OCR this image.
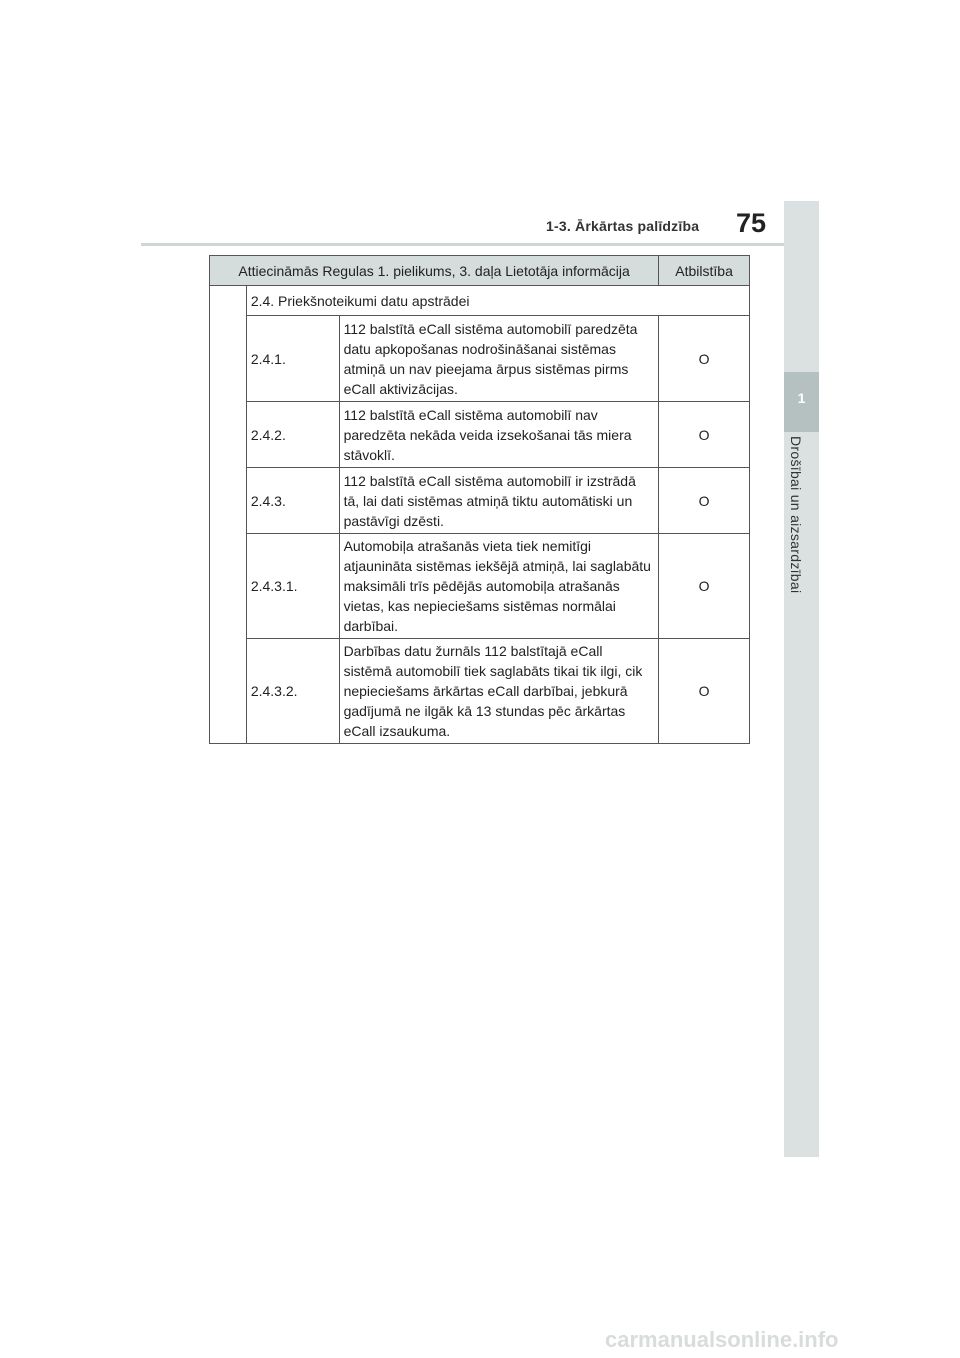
1
Drošībai un aizsardzībai
1-3. Ārkārtas palīdzība 75
Attiecināmās Regulas 1. pielikums, 3. daļa Lietotāja informācija			Atbilstība
	2.4. Priekšnoteikumi datu apstrādei		
	2.4.1.	112 balstītā eCall sistēma automobilī paredzēta datu apkopošanas nodrošināšanai sistēmas atmiņā un nav pieejama ārpus sistēmas pirms eCall aktivizācijas.	O
	2.4.2.	112 balstītā eCall sistēma automobilī nav paredzēta nekāda veida izsekošanai tās miera stāvoklī.	O
	2.4.3.	112 balstītā eCall sistēma automobilī ir izstrādā tā, lai dati sistēmas atmiņā tiktu automātiski un pastāvīgi dzēsti.	O
	2.4.3.1.	Automobiļa atrašanās vieta tiek nemitīgi atjaunināta sistēmas iekšējā atmiņā, lai saglabātu maksimāli trīs pēdējās automobiļa atrašanās vietas, kas nepieciešams sistēmas normālai darbībai.	O
	2.4.3.2.	Darbības datu žurnāls 112 balstītajā eCall sistēmā automobilī tiek saglabāts tikai tik ilgi, cik nepieciešams ārkārtas eCall darbībai, jebkurā gadījumā ne ilgāk kā 13 stundas pēc ārkārtas eCall izsaukuma.	O
carmanualsonline.info
